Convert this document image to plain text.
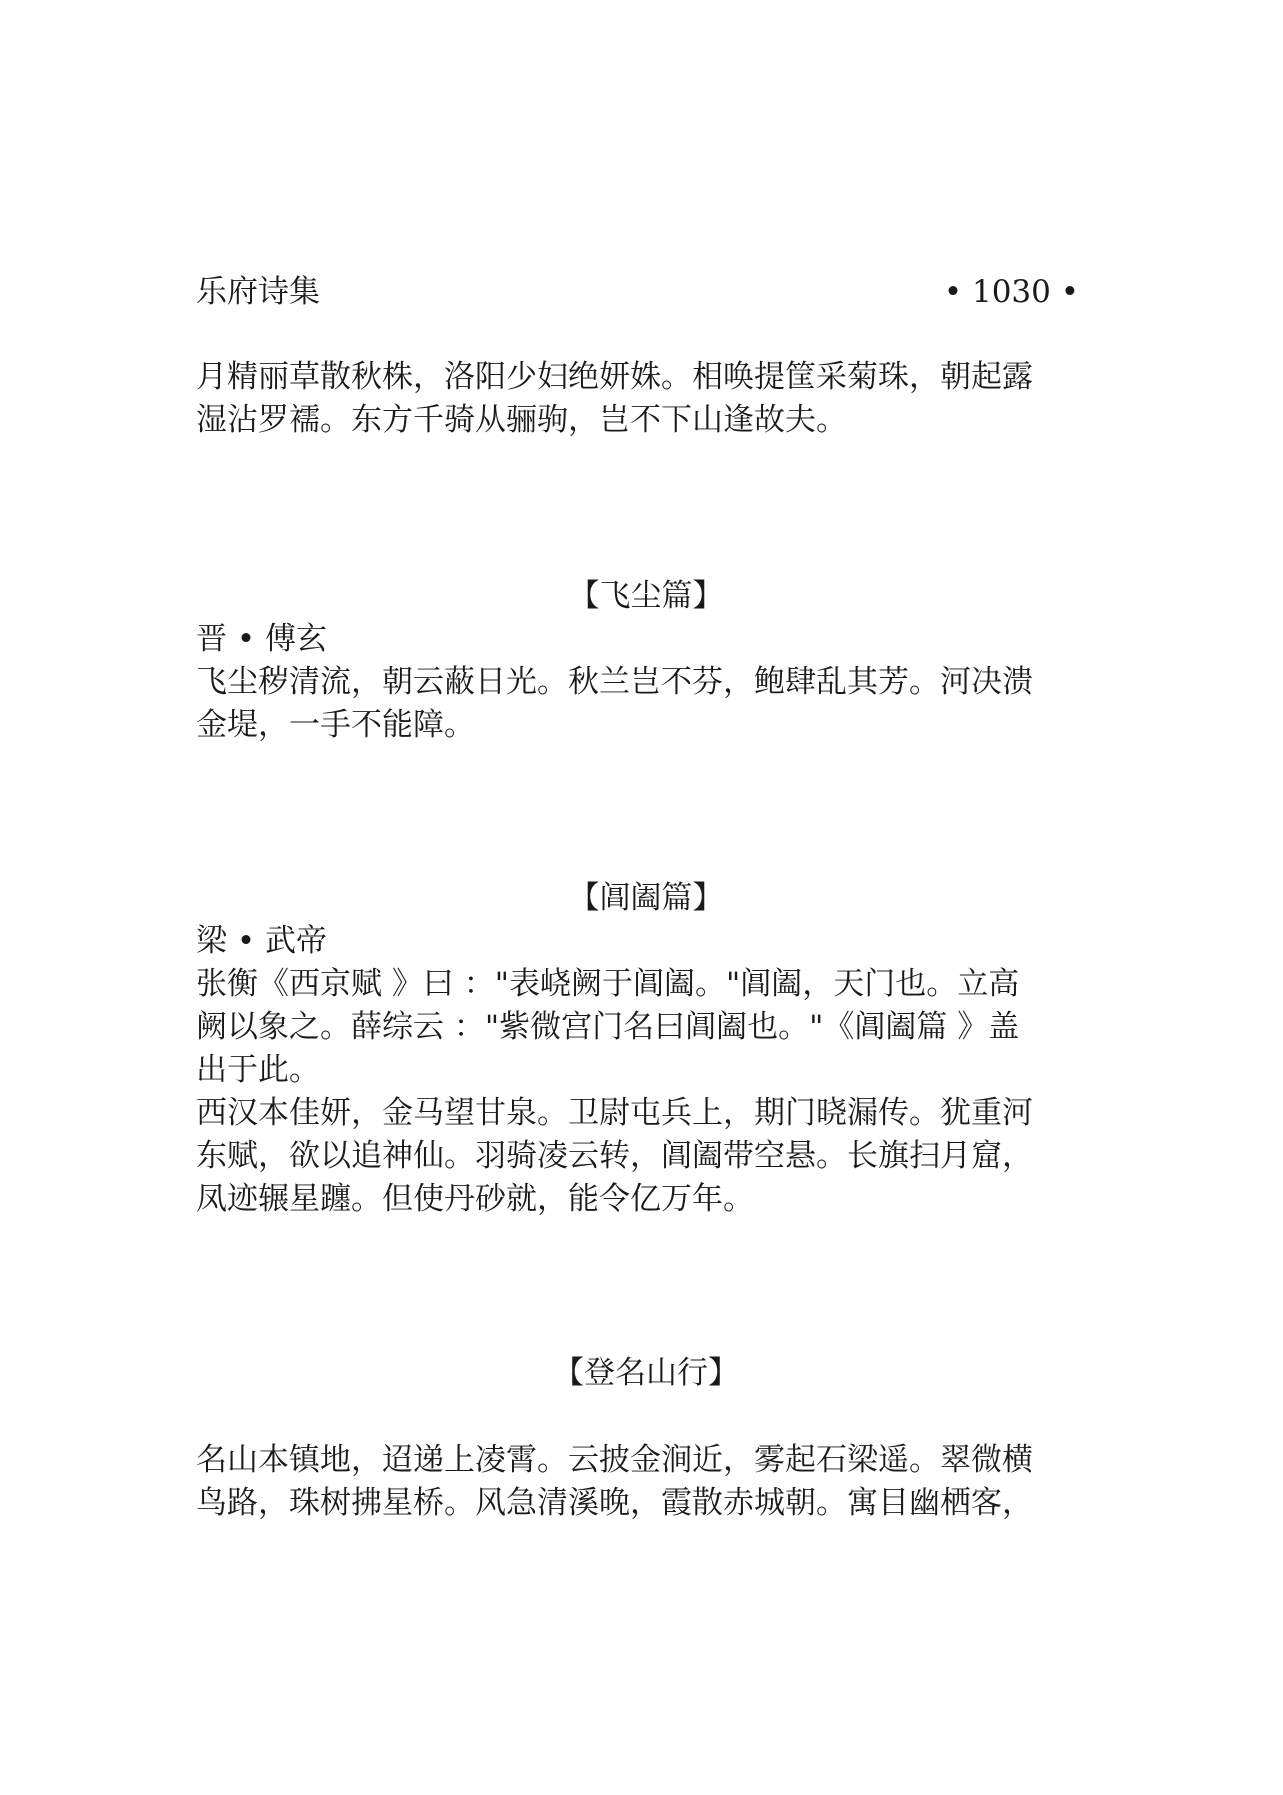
乐府诗集	• 1030 •

月精丽草散秋株，洛阳少妇绝妍姝。相唤提筐采菊珠，朝起露
湿沾罗襦。东方千骑从骊驹，岂不下山逢故夫。

【飞尘篇】

晋 • 傅玄

飞尘秽清流，朝云蔽日光。秋兰岂不芬，鲍肆乱其芳。河决溃
金堤，一手不能障。

【阊阖篇】

梁 • 武帝

张衡《西京赋 》曰 ："表峣阙于阊阖。"阊阖，天门也。立高
阙以象之。薛综云 ："紫微宫门名曰阊阖也。"《阊阖篇 》盖
出于此。

西汉本佳妍，金马望甘泉。卫尉屯兵上，期门晓漏传。犹重河
东赋，欲以追神仙。羽骑凌云转，阊阖带空悬。长旗扫月窟，
凤迹辗星躔。但使丹砂就，能令亿万年。

【登名山行】

名山本镇地，迢递上凌霄。云披金涧近，雾起石梁遥。翠微横
鸟路，珠树拂星桥。风急清溪晚，霞散赤城朝。寓目幽栖客，
